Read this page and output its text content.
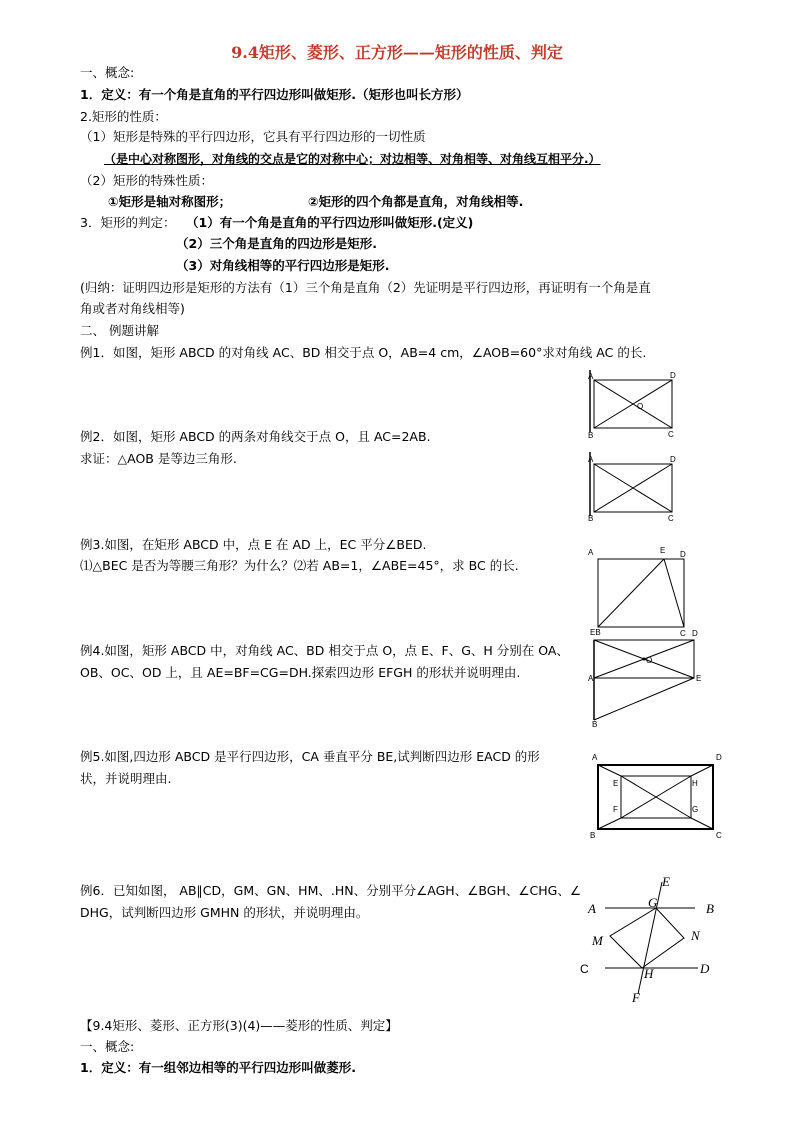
9.4矩形、菱形、正方形——矩形的性质、判定
一、概念:
1．定义：有一个角是直角的平行四边形叫做矩形.（矩形也叫长方形）
2.矩形的性质：
（1）矩形是特殊的平行四边形，它具有平行四边形的一切性质
（是中心对称图形，对角线的交点是它的对称中心；对边相等、对角相等、对角线互相平分.）
（2）矩形的特殊性质：
①矩形是轴对称图形；	②矩形的四个角都是直角，对角线相等.
3．矩形的判定： （1）有一个角是直角的平行四边形叫做矩形.(定义)
（2）三个角是直角的四边形是矩形.
（3）对角线相等的平行四边形是矩形.
(归纳：证明四边形是矩形的方法有（1）三个角是直角（2）先证明是平行四边形，再证明有一个角是直
角或者对角线相等)
二、 例题讲解
例1．如图，矩形 ABCD 的对角线 AC、BD 相交于点 O，AB=4 cm，∠AOB=60°求对角线 AC 的长.
例2．如图，矩形 ABCD 的两条对角线交于点 O，且 AC=2AB.
求证：△AOB 是等边三角形.
例3.如图，在矩形 ABCD 中，点 E 在 AD 上，EC 平分∠BED.
⑴△BEC 是否为等腰三角形？为什么？⑵若 AB=1，∠ABE=45°，求 BC 的长.
例4.如图，矩形 ABCD 中，对角线 AC、BD 相交于点 O，点 E、F、G、H 分别在 OA、
OB、OC、OD 上，且 AE=BF=CG=DH.探索四边形 EFGH 的形状并说明理由.
例5.如图,四边形 ABCD 是平行四边形，CA 垂直平分 BE,试判断四边形 EACD 的形
状，并说明理由.
例6．已知如图， AB∥CD，GM、GN、HM、.HN、分别平分∠AGH、∠BGH、∠CHG、∠
DHG，试判断四边形 GMHN 的形状，并说明理由。
【9.4矩形、菱形、正方形(3)(4)——菱形的性质、判定】
一、概念:
1．定义：有一组邻边相等的平行四边形叫做菱形.
A	D
B	C
O
A	D
B	C
A	E D
EB	C D
A
O
E
B
A	D
E	H
F	G
B	C
E
A	G	B
M	N
C	H	D
F
